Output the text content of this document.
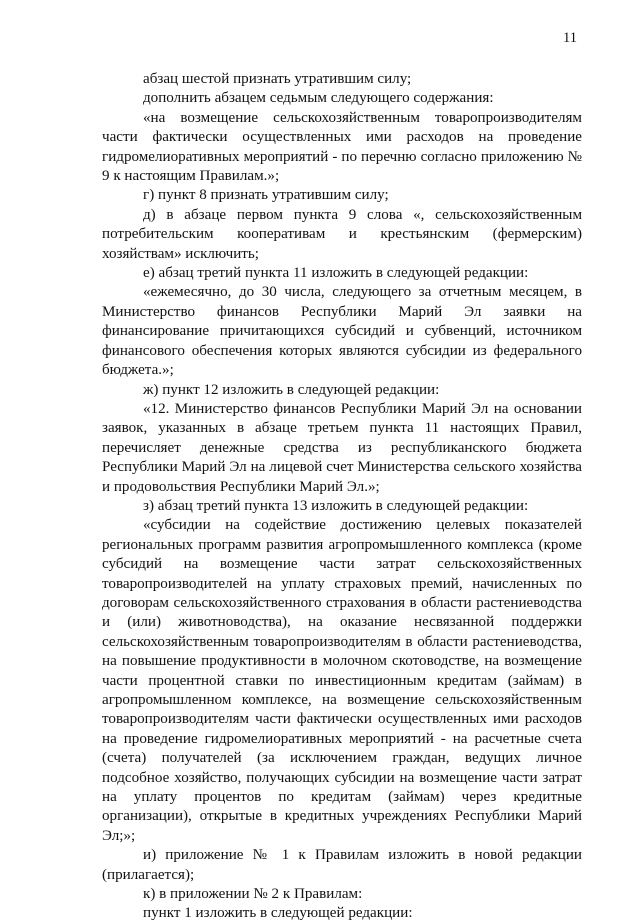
11

абзац шестой признать утратившим силу;

дополнить абзацем седьмым следующего содержания:

«на возмещение сельскохозяйственным товаропроизводителям части фактически осуществленных ими расходов на проведение гидромелиоративных мероприятий - по перечню согласно приложению № 9 к настоящим Правилам.»;

г) пункт 8 признать утратившим силу;

д) в абзаце первом пункта 9 слова «, сельскохозяйственным потребительским кооперативам и крестьянским (фермерским) хозяйствам» исключить;

е) абзац третий пункта 11 изложить в следующей редакции:

«ежемесячно, до 30 числа, следующего за отчетным месяцем, в Министерство финансов Республики Марий Эл заявки на финансирование причитающихся субсидий и субвенций, источником финансового обеспечения которых являются субсидии из федерального бюджета.»;

ж) пункт 12 изложить в следующей редакции:

«12. Министерство финансов Республики Марий Эл на основании заявок, указанных в абзаце третьем пункта 11 настоящих Правил, перечисляет денежные средства из республиканского бюджета Республики Марий Эл на лицевой счет Министерства сельского хозяйства и продовольствия Республики Марий Эл.»;

з) абзац третий пункта 13 изложить в следующей редакции:

«субсидии на содействие достижению целевых показателей региональных программ развития агропромышленного комплекса (кроме субсидий на возмещение части затрат сельскохозяйственных товаропроизводителей на уплату страховых премий, начисленных по договорам сельскохозяйственного страхования в области растениеводства и (или) животноводства), на оказание несвязанной поддержки сельскохозяйственным товаропроизводителям в области растениеводства, на повышение продуктивности в молочном скотоводстве, на возмещение части процентной ставки по инвестиционным кредитам (займам) в агропромышленном комплексе, на возмещение сельскохозяйственным товаропроизводителям части фактически осуществленных ими расходов на проведение гидромелиоративных мероприятий - на расчетные счета (счета) получателей (за исключением граждан, ведущих личное подсобное хозяйство, получающих субсидии на возмещение части затрат на уплату процентов по кредитам (займам) через кредитные организации), открытые в кредитных учреждениях Республики Марий Эл;»;

и) приложение № 1 к Правилам изложить в новой редакции (прилагается);

к) в приложении № 2 к Правилам:

пункт 1 изложить в следующей редакции:
